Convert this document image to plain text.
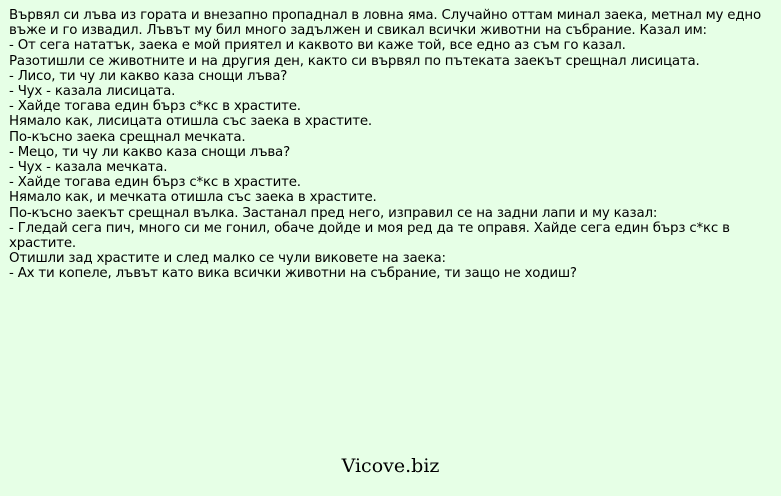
Вървял си лъва из гората и внезапно пропаднал в ловна яма. Случайно оттам минал заека, метнал му едно въже и го извадил. Лъвът му бил много задължен и свикал всички животни на събрание. Казал им:
- От сега нататък, заека е мой приятел и каквото ви каже той, все едно аз съм го казал.
Разотишли се животните и на другия ден, както си вървял по пътеката заекът срещнал лисицата.
- Лисо, ти чу ли какво каза снощи лъва?
- Чух - казала лисицата.
- Хайде тогава един бърз с*кс в храстите.
Нямало как, лисицата отишла със заека в храстите.
По-късно заека срещнал мечката.
- Мецо, ти чу ли какво каза снощи лъва?
- Чух - казала мечката.
- Хайде тогава един бърз с*кс в храстите.
Нямало как, и мечката отишла със заека в храстите.
По-късно заекът срещнал вълка. Застанал пред него, изправил се на задни лапи и му казал:
- Гледай сега пич, много си ме гонил, обаче дойде и моя ред да те оправя. Хайде сега един бърз с*кс в храстите.
Отишли зад храстите и след малко се чули виковете на заека:
- Ах ти копеле, лъвът като вика всички животни на събрание, ти защо не ходиш?
Vicove.biz
